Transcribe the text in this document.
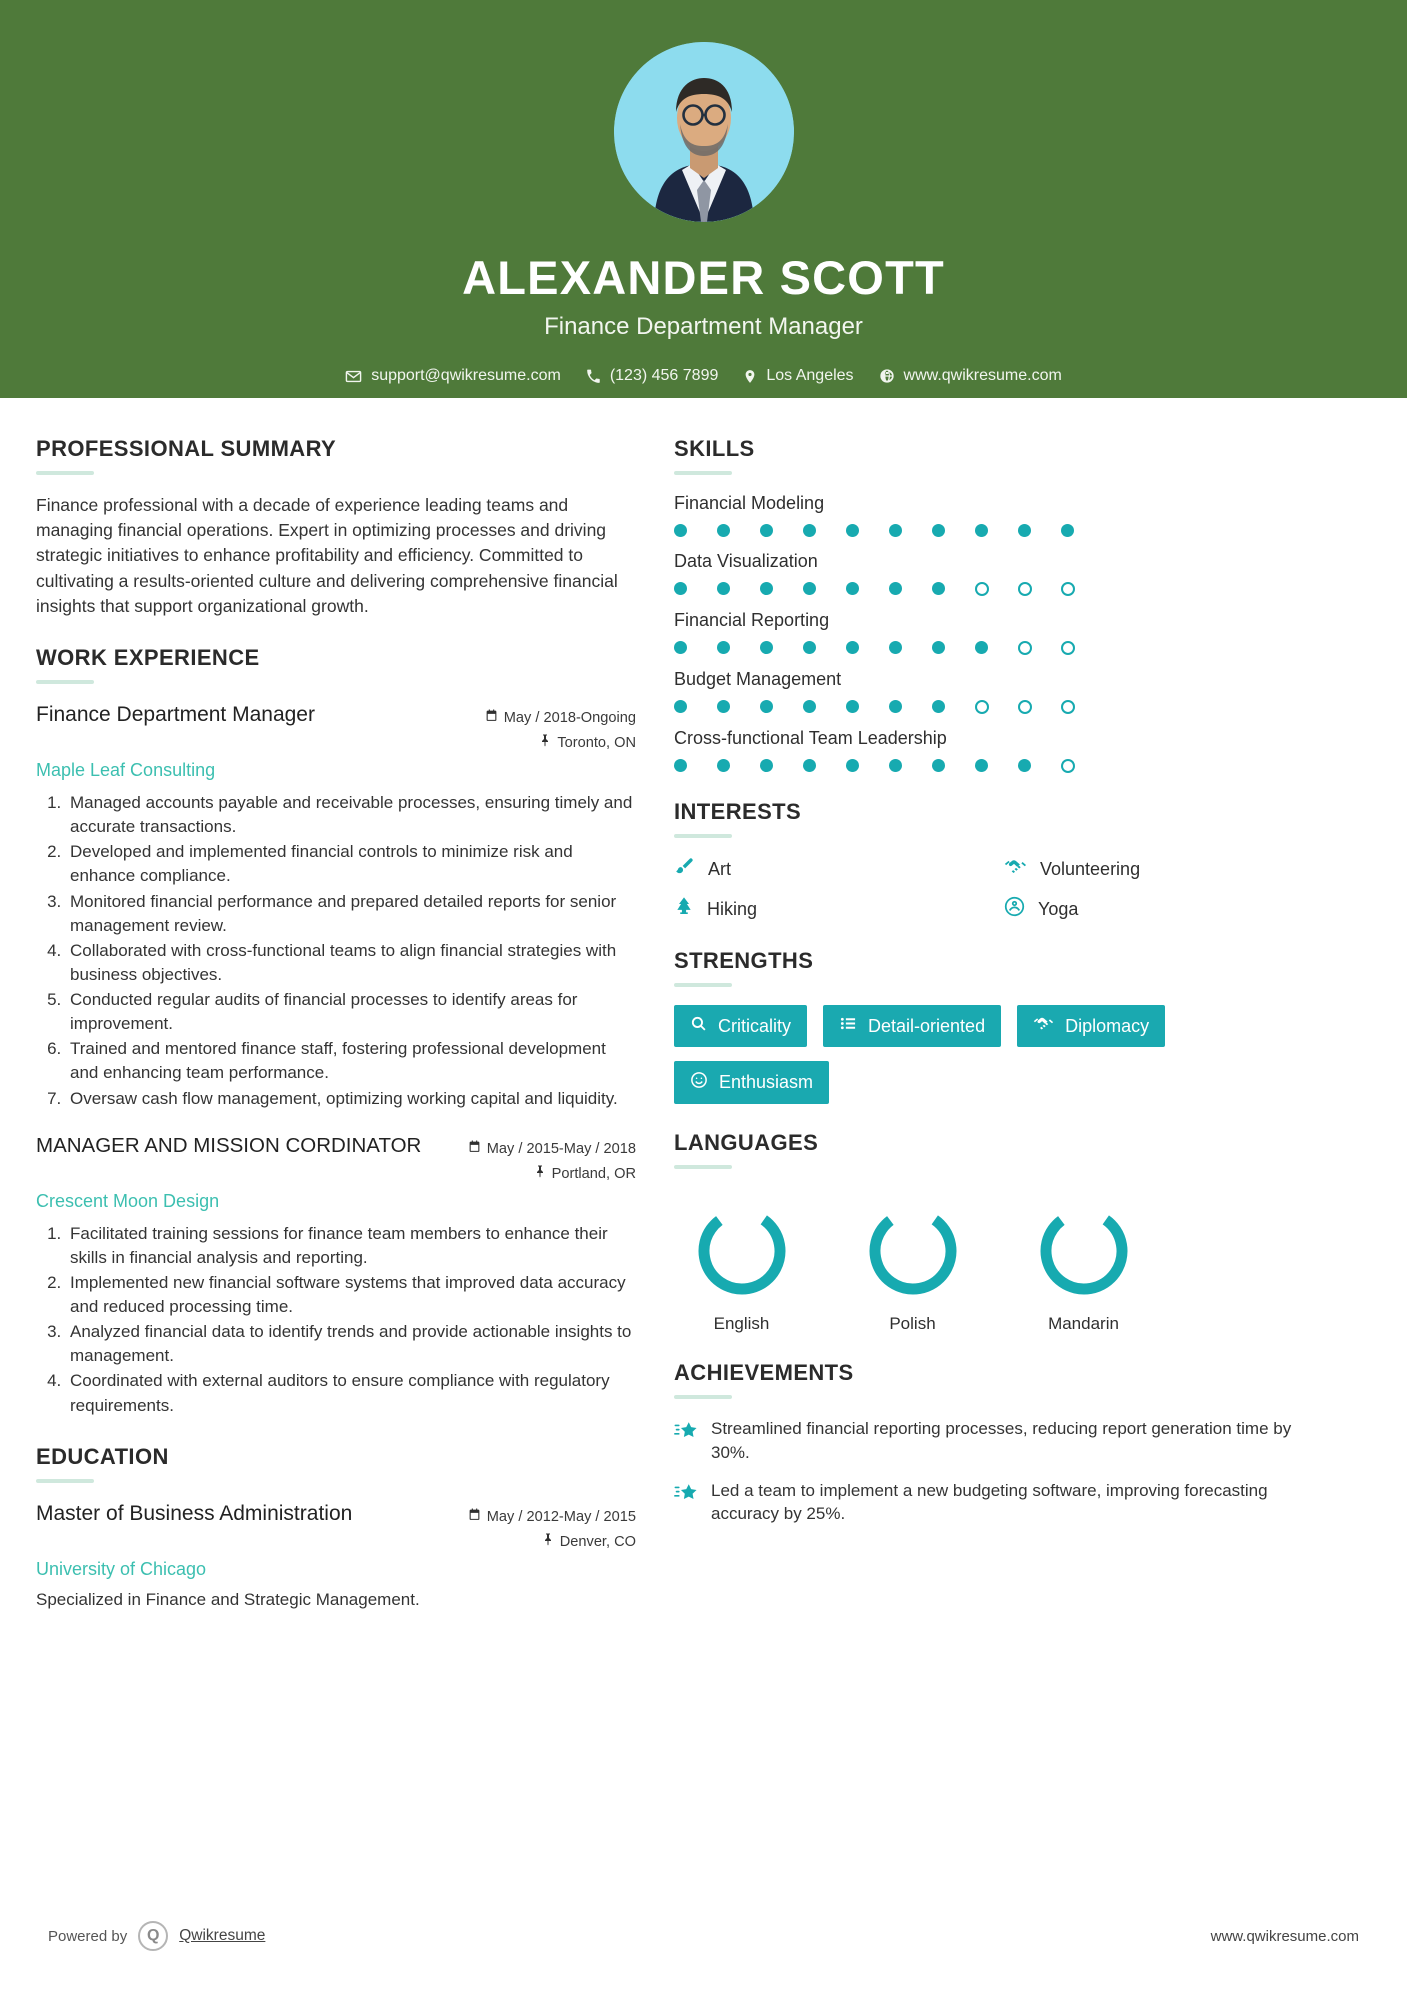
ALEXANDER SCOTT
Finance Department Manager
support@qwikresume.com	(123) 456 7899	Los Angeles	www.qwikresume.com
PROFESSIONAL SUMMARY
Finance professional with a decade of experience leading teams and managing financial operations. Expert in optimizing processes and driving strategic initiatives to enhance profitability and efficiency. Committed to cultivating a results-oriented culture and delivering comprehensive financial insights that support organizational growth.
WORK EXPERIENCE
Finance Department Manager	May / 2018-Ongoing
Toronto, ON
Maple Leaf Consulting
1. Managed accounts payable and receivable processes, ensuring timely and accurate transactions.
2. Developed and implemented financial controls to minimize risk and enhance compliance.
3. Monitored financial performance and prepared detailed reports for senior management review.
4. Collaborated with cross-functional teams to align financial strategies with business objectives.
5. Conducted regular audits of financial processes to identify areas for improvement.
6. Trained and mentored finance staff, fostering professional development and enhancing team performance.
7. Oversaw cash flow management, optimizing working capital and liquidity.
MANAGER AND MISSION CORDINATOR	May / 2015-May / 2018
Portland, OR
Crescent Moon Design
1. Facilitated training sessions for finance team members to enhance their skills in financial analysis and reporting.
2. Implemented new financial software systems that improved data accuracy and reduced processing time.
3. Analyzed financial data to identify trends and provide actionable insights to management.
4. Coordinated with external auditors to ensure compliance with regulatory requirements.
EDUCATION
Master of Business Administration	May / 2012-May / 2015
Denver, CO
University of Chicago
Specialized in Finance and Strategic Management.
SKILLS
Financial Modeling
Data Visualization
Financial Reporting
Budget Management
Cross-functional Team Leadership
INTERESTS
Art	Volunteering
Hiking	Yoga
STRENGTHS
Criticality	Detail-oriented	Diplomacy
Enthusiasm
LANGUAGES
English	Polish	Mandarin
ACHIEVEMENTS
Streamlined financial reporting processes, reducing report generation time by 30%.
Led a team to implement a new budgeting software, improving forecasting accuracy by 25%.
Powered by	Q	Qwikresume	www.qwikresume.com
